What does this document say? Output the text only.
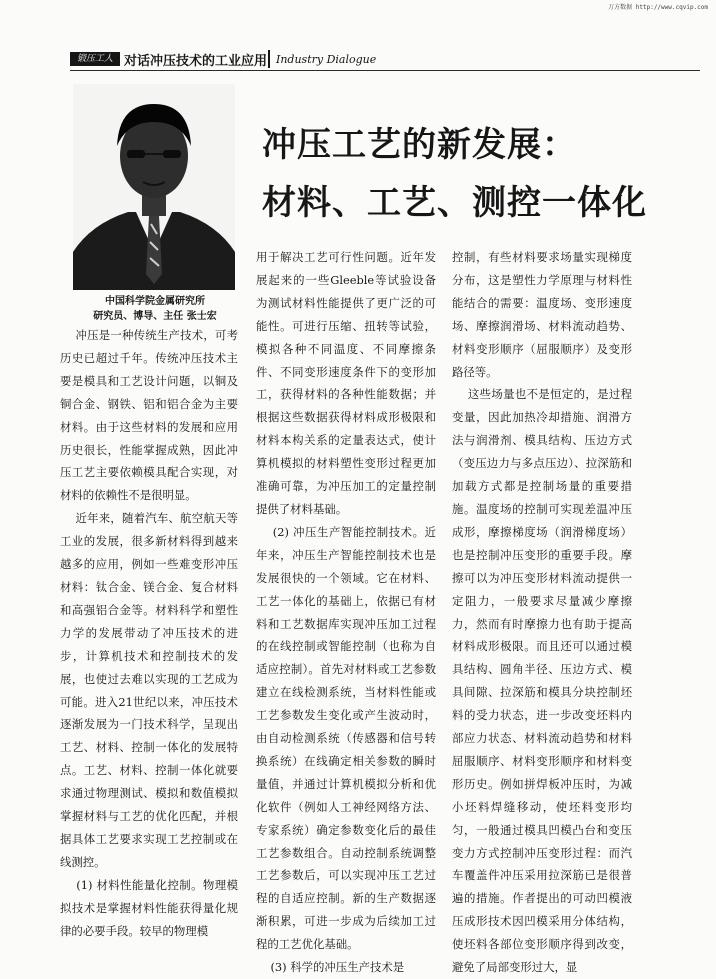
万方数据 http://www.cqvip.com
锻压工人 对话冲压技术的工业应用 Industry Dialogue
冲压工艺的新发展：
材料、工艺、测控一体化
中国科学院金属研究所
研究员、博导、主任 张士宏
冲压是一种传统生产技术，可考历史已超过千年。传统冲压技术主要是模具和工艺设计问题，以铜及铜合金、钢铁、铝和铝合金为主要材料。由于这些材料的发展和应用历史很长，性能掌握成熟，因此冲压工艺主要依赖模具配合实现，对材料的依赖性不是很明显。
近年来，随着汽车、航空航天等工业的发展，很多新材料得到越来越多的应用，例如一些难变形冲压材料：钛合金、镁合金、复合材料和高强铝合金等。材料科学和塑性力学的发展带动了冲压技术的进步，计算机技术和控制技术的发展，也使过去难以实现的工艺成为可能。进入21世纪以来，冲压技术逐渐发展为一门技术科学，呈现出工艺、材料、控制一体化的发展特点。工艺、材料、控制一体化就要求通过物理测试、模拟和数值模拟掌握材料与工艺的优化匹配，并根据具体工艺要求实现工艺控制或在线测控。
(1) 材料性能量化控制。物理模拟技术是掌握材料性能获得量化规律的必要手段。较早的物理模
用于解决工艺可行性问题。近年发展起来的一些Gleeble等试验设备为测试材料性能提供了更广泛的可能性。可进行压缩、扭转等试验，模拟各种不同温度、不同摩擦条件、不同变形速度条件下的变形加工，获得材料的各种性能数据；并根据这些数据获得材料成形极限和材料本构关系的定量表达式，使计算机模拟的材料塑性变形过程更加准确可靠，为冲压加工的定量控制提供了材料基础。
(2) 冲压生产智能控制技术。近年来，冲压生产智能控制技术也是发展很快的一个领域。它在材料、工艺一体化的基础上，依据已有材料和工艺数据库实现冲压加工过程的在线控制或智能控制（也称为自适应控制）。首先对材料或工艺参数建立在线检测系统，当材料性能或工艺参数发生变化或产生波动时，由自动检测系统（传感器和信号转换系统）在线确定相关参数的瞬时量值，并通过计算机模拟分析和优化软件（例如人工神经网络方法、专家系统）确定参数变化后的最佳工艺参数组合。自动控制系统调整工艺参数后，可以实现冲压工艺过程的自适应控制。新的生产数据逐渐积累，可进一步成为后续加工过程的工艺优化基础。
(3) 科学的冲压生产技术是
控制，有些材料要求场量实现梯度分布，这是塑性力学原理与材料性能结合的需要：温度场、变形速度场、摩擦润滑场、材料流动趋势、材料变形顺序（屈服顺序）及变形路径等。
这些场量也不是恒定的，是过程变量，因此加热冷却措施、润滑方法与润滑剂、模具结构、压边方式（变压边力与多点压边）、拉深筋和加载方式都是控制场量的重要措施。温度场的控制可实现差温冲压成形，摩擦梯度场（润滑梯度场）也是控制冲压变形的重要手段。摩擦可以为冲压变形材料流动提供一定阻力，一般要求尽量减少摩擦力，然而有时摩擦力也有助于提高材料成形极限。而且还可以通过模具结构、圆角半径、压边方式、模具间隙、拉深筋和模具分块控制坯料的受力状态，进一步改变坯料内部应力状态、材料流动趋势和材料屈服顺序、材料变形顺序和材料变形历史。例如拼焊板冲压时，为减小坯料焊缝移动，使坯料变形均匀，一般通过模具凹模凸台和变压变力方式控制冲压变形过程：而汽车覆盖件冲压采用拉深筋已是很普遍的措施。作者提出的可动凹模液压成形技术因凹模采用分体结构，使坯料各部位变形顺序得到改变，避免了局部变形过大，显
